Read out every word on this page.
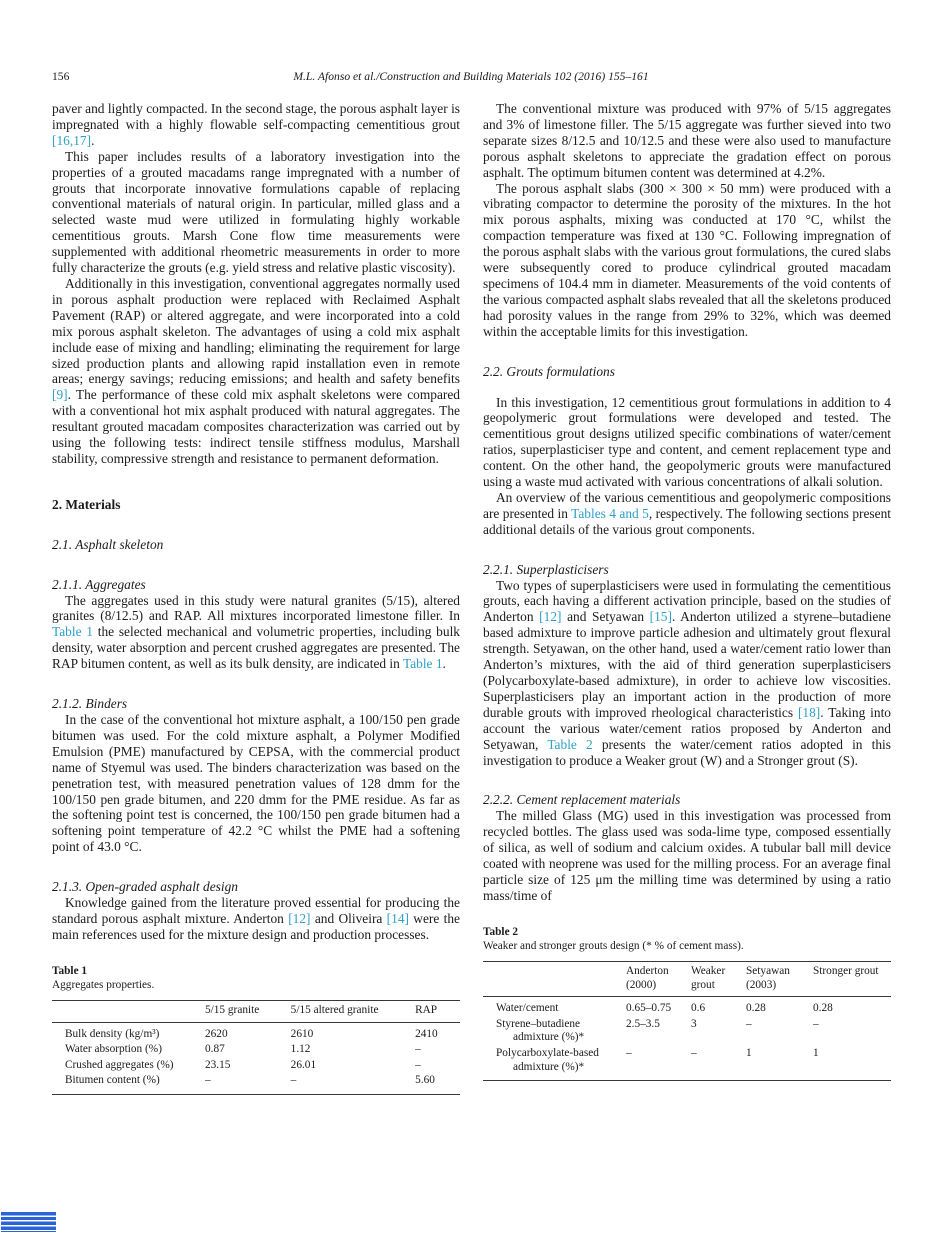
156	M.L. Afonso et al./Construction and Building Materials 102 (2016) 155–161

paver and lightly compacted. In the second stage, the porous asphalt layer is impregnated with a highly flowable self-compacting cementitious grout [16,17].

This paper includes results of a laboratory investigation into the properties of a grouted macadams range impregnated with a number of grouts that incorporate innovative formulations capable of replacing conventional materials of natural origin. In particular, milled glass and a selected waste mud were utilized in formulating highly workable cementitious grouts. Marsh Cone flow time measurements were supplemented with additional rheometric measurements in order to more fully characterize the grouts (e.g. yield stress and relative plastic viscosity).

Additionally in this investigation, conventional aggregates normally used in porous asphalt production were replaced with Reclaimed Asphalt Pavement (RAP) or altered aggregate, and were incorporated into a cold mix porous asphalt skeleton. The advantages of using a cold mix asphalt include ease of mixing and handling; eliminating the requirement for large sized production plants and allowing rapid installation even in remote areas; energy savings; reducing emissions; and health and safety benefits [9]. The performance of these cold mix asphalt skeletons were compared with a conventional hot mix asphalt produced with natural aggregates. The resultant grouted macadam composites characterization was carried out by using the following tests: indirect tensile stiffness modulus, Marshall stability, compressive strength and resistance to permanent deformation.

2. Materials
2.1. Asphalt skeleton
2.1.1. Aggregates

The aggregates used in this study were natural granites (5/15), altered granites (8/12.5) and RAP. All mixtures incorporated limestone filler. In Table 1 the selected mechanical and volumetric properties, including bulk density, water absorption and percent crushed aggregates are presented. The RAP bitumen content, as well as its bulk density, are indicated in Table 1.

2.1.2. Binders

In the case of the conventional hot mixture asphalt, a 100/150 pen grade bitumen was used. For the cold mixture asphalt, a Polymer Modified Emulsion (PME) manufactured by CEPSA, with the commercial product name of Styemul was used. The binders characterization was based on the penetration test, with measured penetration values of 128 dmm for the 100/150 pen grade bitumen, and 220 dmm for the PME residue. As far as the softening point test is concerned, the 100/150 pen grade bitumen had a softening point temperature of 42.2 °C whilst the PME had a softening point of 43.0 °C.

2.1.3. Open-graded asphalt design

Knowledge gained from the literature proved essential for producing the standard porous asphalt mixture. Anderton [12] and Oliveira [14] were the main references used for the mixture design and production processes.

Table 1
Aggregates properties.
	5/15 granite	5/15 altered granite	RAP
Bulk density (kg/m³)	2620	2610	2410
Water absorption (%)	0.87	1.12	–
Crushed aggregates (%)	23.15	26.01	–
Bitumen content (%)	–	–	5.60

The conventional mixture was produced with 97% of 5/15 aggregates and 3% of limestone filler. The 5/15 aggregate was further sieved into two separate sizes 8/12.5 and 10/12.5 and these were also used to manufacture porous asphalt skeletons to appreciate the gradation effect on porous asphalt. The optimum bitumen content was determined at 4.2%.

The porous asphalt slabs (300 × 300 × 50 mm) were produced with a vibrating compactor to determine the porosity of the mixtures. In the hot mix porous asphalts, mixing was conducted at 170 °C, whilst the compaction temperature was fixed at 130 °C. Following impregnation of the porous asphalt slabs with the various grout formulations, the cured slabs were subsequently cored to produce cylindrical grouted macadam specimens of 104.4 mm in diameter. Measurements of the void contents of the various compacted asphalt slabs revealed that all the skeletons produced had porosity values in the range from 29% to 32%, which was deemed within the acceptable limits for this investigation.

2.2. Grouts formulations

In this investigation, 12 cementitious grout formulations in addition to 4 geopolymeric grout formulations were developed and tested. The cementitious grout designs utilized specific combinations of water/cement ratios, superplasticiser type and content, and cement replacement type and content. On the other hand, the geopolymeric grouts were manufactured using a waste mud activated with various concentrations of alkali solution.

An overview of the various cementitious and geopolymeric compositions are presented in Tables 4 and 5, respectively. The following sections present additional details of the various grout components.

2.2.1. Superplasticisers

Two types of superplasticisers were used in formulating the cementitious grouts, each having a different activation principle, based on the studies of Anderton [12] and Setyawan [15]. Anderton utilized a styrene–butadiene based admixture to improve particle adhesion and ultimately grout flexural strength. Setyawan, on the other hand, used a water/cement ratio lower than Anderton’s mixtures, with the aid of third generation superplasticisers (Polycarboxylate-based admixture), in order to achieve low viscosities. Superplasticisers play an important action in the production of more durable grouts with improved rheological characteristics [18]. Taking into account the various water/cement ratios proposed by Anderton and Setyawan, Table 2 presents the water/cement ratios adopted in this investigation to produce a Weaker grout (W) and a Stronger grout (S).

2.2.2. Cement replacement materials

The milled Glass (MG) used in this investigation was processed from recycled bottles. The glass used was soda-lime type, composed essentially of silica, as well of sodium and calcium oxides. A tubular ball mill device coated with neoprene was used for the milling process. For an average final particle size of 125 μm the milling time was determined by using a ratio mass/time of

Table 2
Weaker and stronger grouts design (* % of cement mass).
	Anderton (2000)	Weaker grout	Setyawan (2003)	Stronger grout
Water/cement	0.65–0.75	0.6	0.28	0.28
Styrene–butadiene admixture (%)*	2.5–3.5	3	–	–
Polycarboxylate-based admixture (%)*	–	–	1	1
